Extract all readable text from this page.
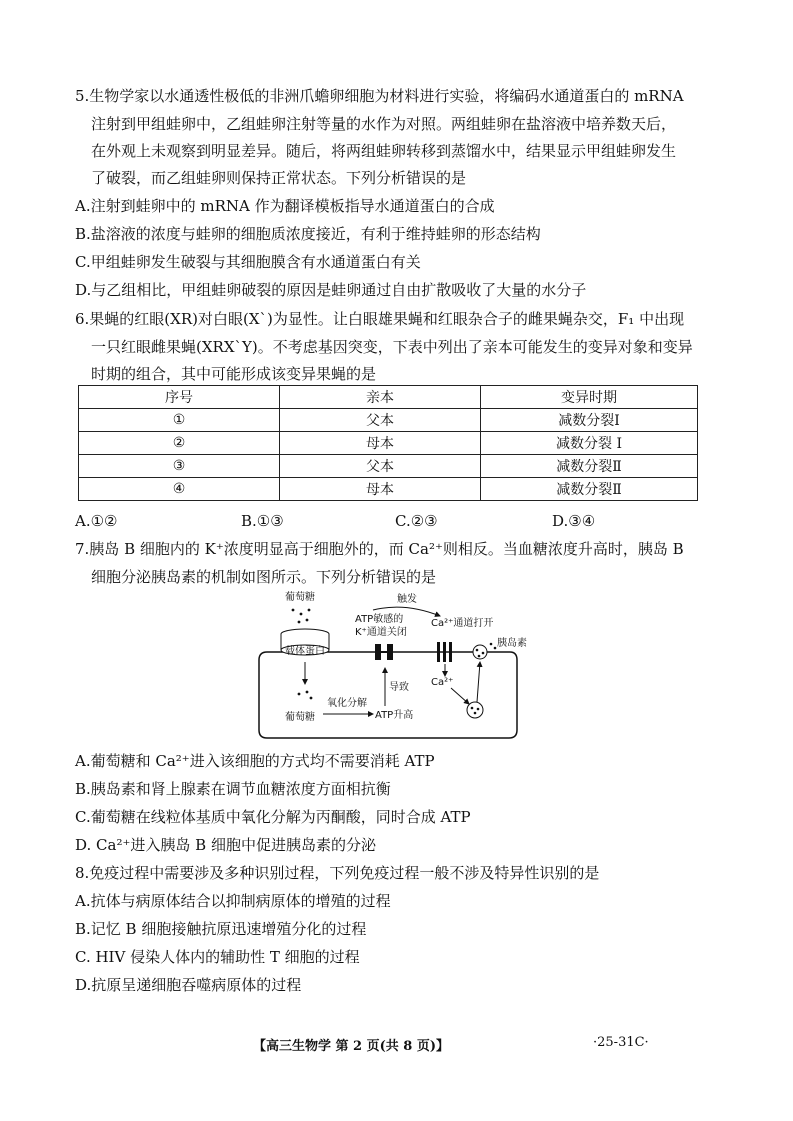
5.生物学家以水通透性极低的非洲爪蟾卵细胞为材料进行实验，将编码水通道蛋白的 mRNA
注射到甲组蛙卵中，乙组蛙卵注射等量的水作为对照。两组蛙卵在盐溶液中培养数天后，
在外观上未观察到明显差异。随后，将两组蛙卵转移到蒸馏水中，结果显示甲组蛙卵发生
了破裂，而乙组蛙卵则保持正常状态。下列分析错误的是
A.注射到蛙卵中的 mRNA 作为翻译模板指导水通道蛋白的合成
B.盐溶液的浓度与蛙卵的细胞质浓度接近，有利于维持蛙卵的形态结构
C.甲组蛙卵发生破裂与其细胞膜含有水通道蛋白有关
D.与乙组相比，甲组蛙卵破裂的原因是蛙卵通过自由扩散吸收了大量的水分子
6.果蝇的红眼(XR)对白眼(X`)为显性。让白眼雄果蝇和红眼杂合子的雌果蝇杂交，F₁ 中出现
一只红眼雌果蝇(XRX`Y)。不考虑基因突变，下表中列出了亲本可能发生的变异对象和变异
时期的组合，其中可能形成该变异果蝇的是
序号	亲本	变异时期
①	父本	减数分裂Ⅰ
②	母本	减数分裂 Ⅰ
③	父本	减数分裂Ⅱ
④	母本	减数分裂Ⅱ
A.①②	B.①③	C.②③	D.③④
7.胰岛 B 细胞内的 K⁺浓度明显高于细胞外的，而 Ca²⁺则相反。当血糖浓度升高时，胰岛 B
细胞分泌胰岛素的机制如图所示。下列分析错误的是
葡萄糖
载体蛋白
葡萄糖
氧化分解
ATP升高
导致
ATP敏感的
K⁺通道关闭
触发
Ca²⁺通道打开
胰岛素
Ca²⁺
A.葡萄糖和 Ca²⁺进入该细胞的方式均不需要消耗 ATP
B.胰岛素和肾上腺素在调节血糖浓度方面相抗衡
C.葡萄糖在线粒体基质中氧化分解为丙酮酸，同时合成 ATP
D. Ca²⁺进入胰岛 B 细胞中促进胰岛素的分泌
8.免疫过程中需要涉及多种识别过程，下列免疫过程一般不涉及特异性识别的是
A.抗体与病原体结合以抑制病原体的增殖的过程
B.记忆 B 细胞接触抗原迅速增殖分化的过程
C. HIV 侵染人体内的辅助性 T 细胞的过程
D.抗原呈递细胞吞噬病原体的过程
【高三生物学 第 2 页(共 8 页)】	·25-31C·
